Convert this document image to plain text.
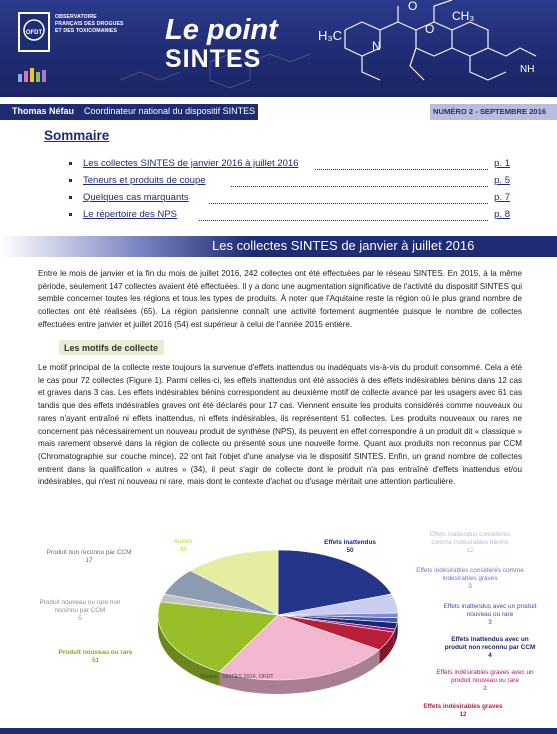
H₃C
N
CH₃
O
O
NH
OFDT
OBSERVATOIRE FRANÇAIS DES DROGUES ET DES TOXICOMANIES Le point
SINTES
Thomas Néfau Coordinateur national du dispositif SINTES	NUMÉRO 2 - SEPTEMBRE 2016
Sommaire
Les collectes SINTES de janvier 2016 à juillet 2016	p. 1
Teneurs et produits de coupe	p. 5
Quelques cas marquants	p. 7
Le répertoire des NPS	p. 8
Les collectes SINTES de janvier à juillet 2016
Entre le mois de janvier et la fin du mois de juillet 2016, 242 collectes ont été effectuées par le réseau SINTES. En 2015, à la même période, seulement 147 collectes avaient été effectuées. Il y a donc une augmentation significative de l'activité du dispositif SINTES qui semble concerner toutes les régions et tous les types de produits. À noter que l'Aquitaine reste la région où le plus grand nombre de collectes ont été réalisées (65). La région parisienne connaît une activité fortement augmentée puisque le nombre de collectes effectuées entre janvier et juillet 2016 (54) est supérieur à celui de l'année 2015 entière.
Les motifs de collecte
Le motif principal de la collecte reste toujours la survenue d'effets inattendus ou inadéquats vis-à-vis du produit consommé. Cela a été le cas pour 72 collectes (Figure 1). Parmi celles-ci, les effets inattendus ont été associés à des effets indésirables bénins dans 12 cas et graves dans 3 cas. Les effets indésirables bénins correspondent au deuxième motif de collecte avancé par les usagers avec 61 cas tandis que des effets indésirables graves ont été déclarés pour 17 cas. Viennent ensuite les produits considérés comme nouveaux ou rares n'ayant entraîné ni effets inattendus, ni effets indésirables, ils représentent 51 collectes. Les produits nouveaux ou rares ne concernent pas nécessairement un nouveau produit de synthèse (NPS), ils peuvent en effet correspondre à un produit dit « classique » mais rarement observé dans la région de collecte ou présenté sous une nouvelle forme. Quant aux produits non reconnus par CCM (Chromatographie sur couche mince), 22 ont fait l'objet d'une analyse via le dispositif SINTES. Enfin, un grand nombre de collectes entrent dans la qualification « autres » (34), il peut s'agir de collecte dont le produit n'a pas entraîné d'effets inattendus et/ou indésirables, qui n'est ni nouveau ni rare, mais dont le contexte d'achat ou d'usage méritait une attention particulière.
Effets inattendus
50
Effets inattendus considérés comme indésirables bénins
12
Effets indésirables considérés comme indésirables graves
3
Effets inattendus avec un produit nouveau ou rare
3
Effets inattendus avec un produit non reconnu par CCM
4
Effets indésirables graves avec un produit nouveau ou rare
2
Effets indésirables graves
12
Produit nouveau ou rare
51
Produit nouveau ou rare non reconnu par CCM
5
Produit non reconnu par CCM
17
Autres
33
Source : SINTES 2016, OFDT
